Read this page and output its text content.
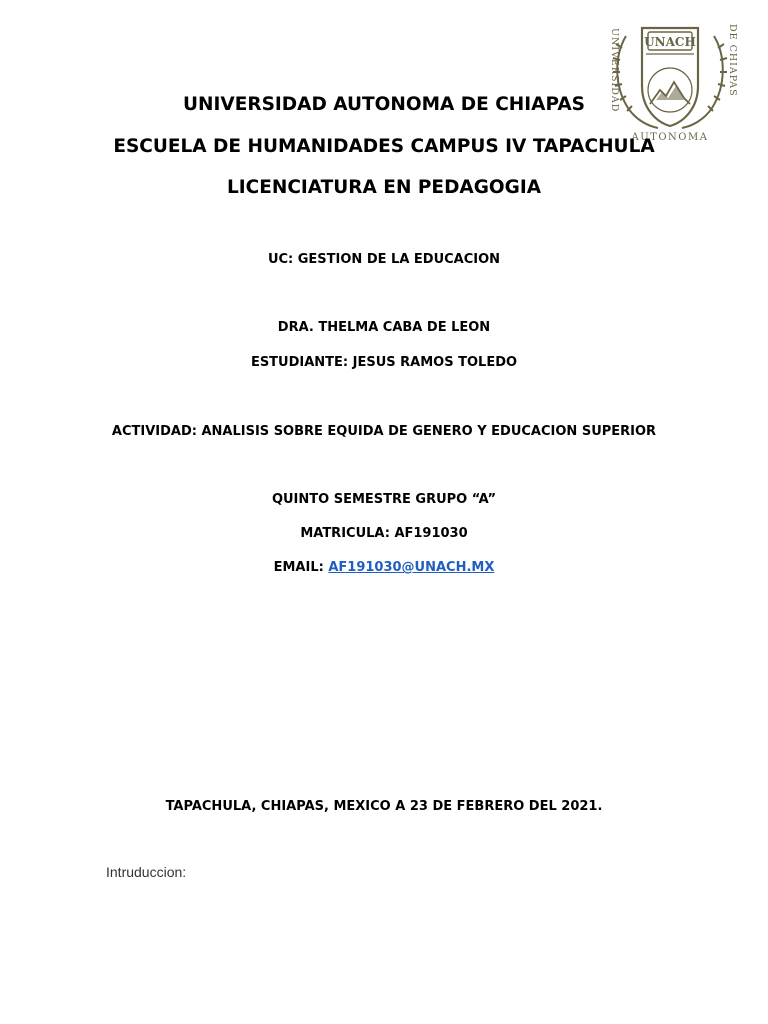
UNACH
UNIVERSIDAD	DE CHIAPAS
AUTONOMA
UNIVERSIDAD AUTONOMA DE CHIAPAS
ESCUELA DE HUMANIDADES CAMPUS IV TAPACHULA
LICENCIATURA EN PEDAGOGIA
UC: GESTION DE LA EDUCACION
DRA. THELMA CABA DE LEON
ESTUDIANTE: JESUS RAMOS TOLEDO
ACTIVIDAD: ANALISIS SOBRE EQUIDA DE GENERO Y EDUCACION SUPERIOR
QUINTO SEMESTRE GRUPO “A”
MATRICULA: AF191030
EMAIL: AF191030@UNACH.MX
TAPACHULA, CHIAPAS, MEXICO A 23 DE FEBRERO DEL 2021.
Intruduccion:
